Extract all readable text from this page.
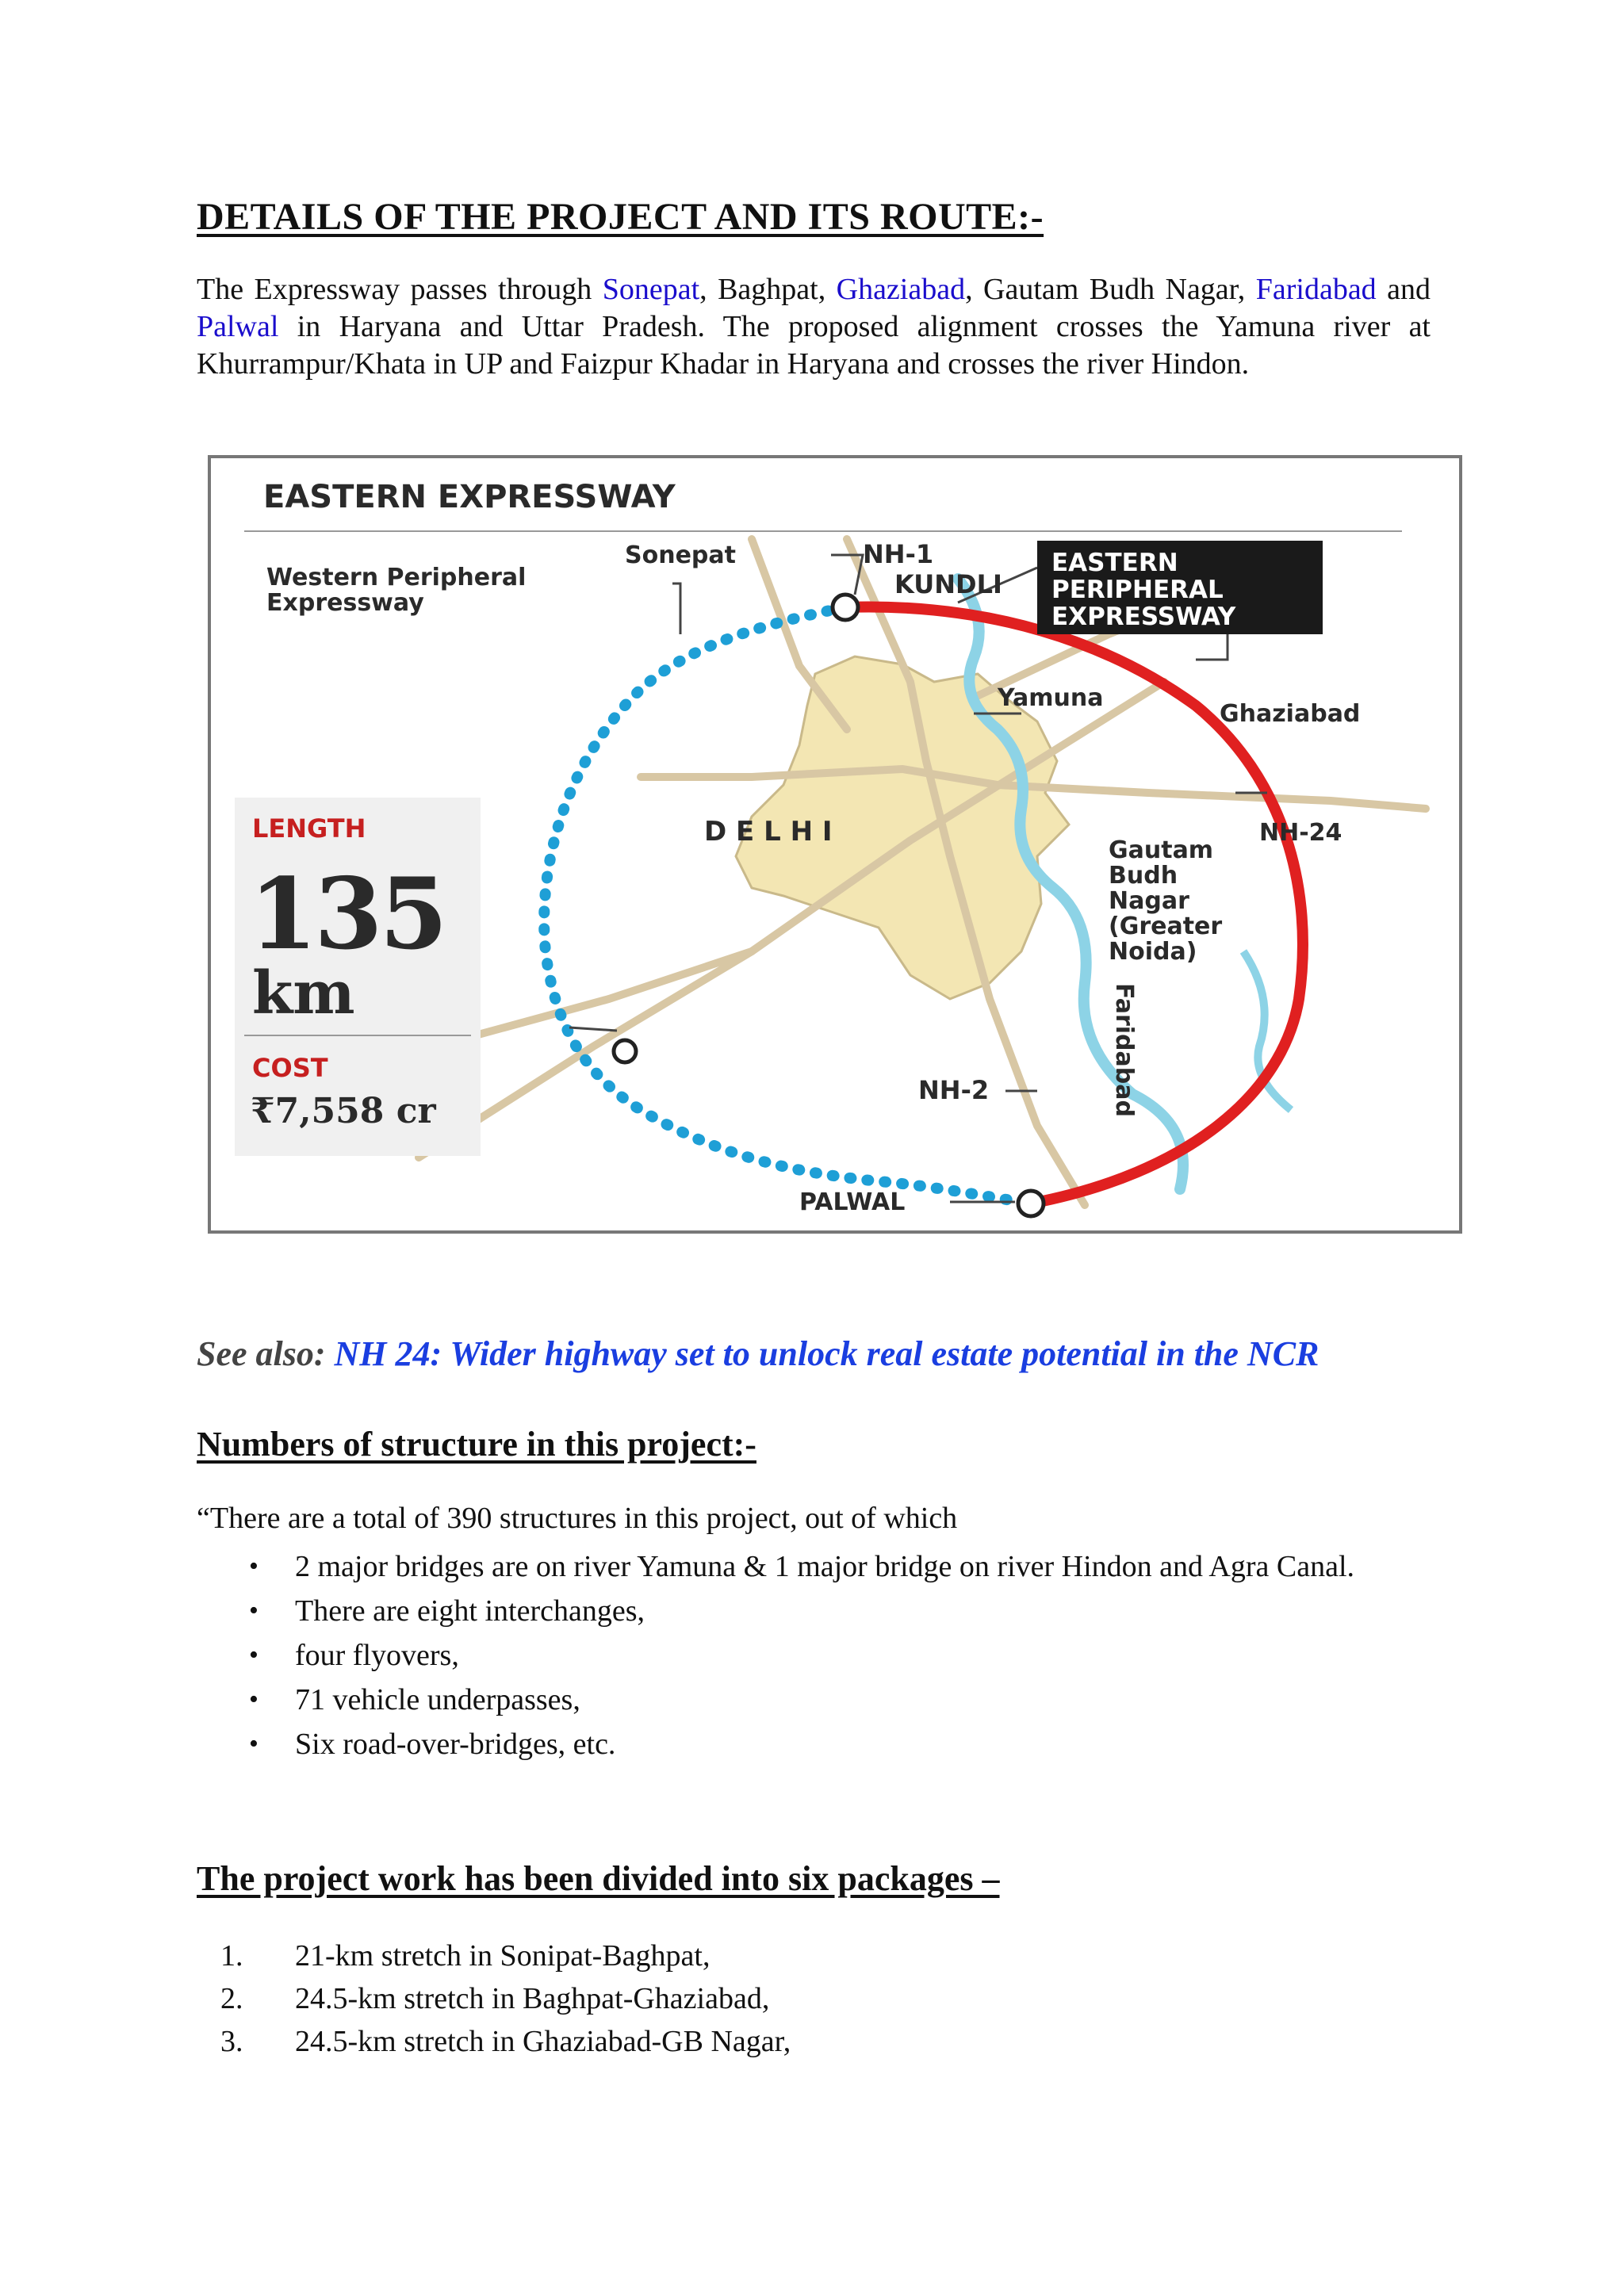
DETAILS OF THE PROJECT AND ITS ROUTE:-

The Expressway passes through Sonepat, Baghpat, Ghaziabad, Gautam Budh Nagar, Faridabad and Palwal in Haryana and Uttar Pradesh. The proposed alignment crosses the Yamuna river at Khurrampur/Khata in UP and Faizpur Khadar in Haryana and crosses the river Hindon.

EASTERN EXPRESSWAY
Sonepat	NH-1
KUNDLI
Western Peripheral
Expressway
EASTERN
PERIPHERAL
EXPRESSWAY
Yamuna
Ghaziabad
D E L H I	NH-24
Gautam
Budh
Nagar
(Greater
Noida)
Faridabad
NH-2
PALWAL
LENGTH
135
km
COST
₹7,558 cr

See also: NH 24: Wider highway set to unlock real estate potential in the NCR

Numbers of structure in this project:-

“There are a total of 390 structures in this project, out of which

• 2 major bridges are on river Yamuna & 1 major bridge on river Hindon and Agra Canal.
• There are eight interchanges,
• four flyovers,
• 71 vehicle underpasses,
• Six road-over-bridges, etc.
The project work has been divided into six packages –
1. 21-km stretch in Sonipat-Baghpat,
2. 24.5-km stretch in Baghpat-Ghaziabad,
3. 24.5-km stretch in Ghaziabad-GB Nagar,
